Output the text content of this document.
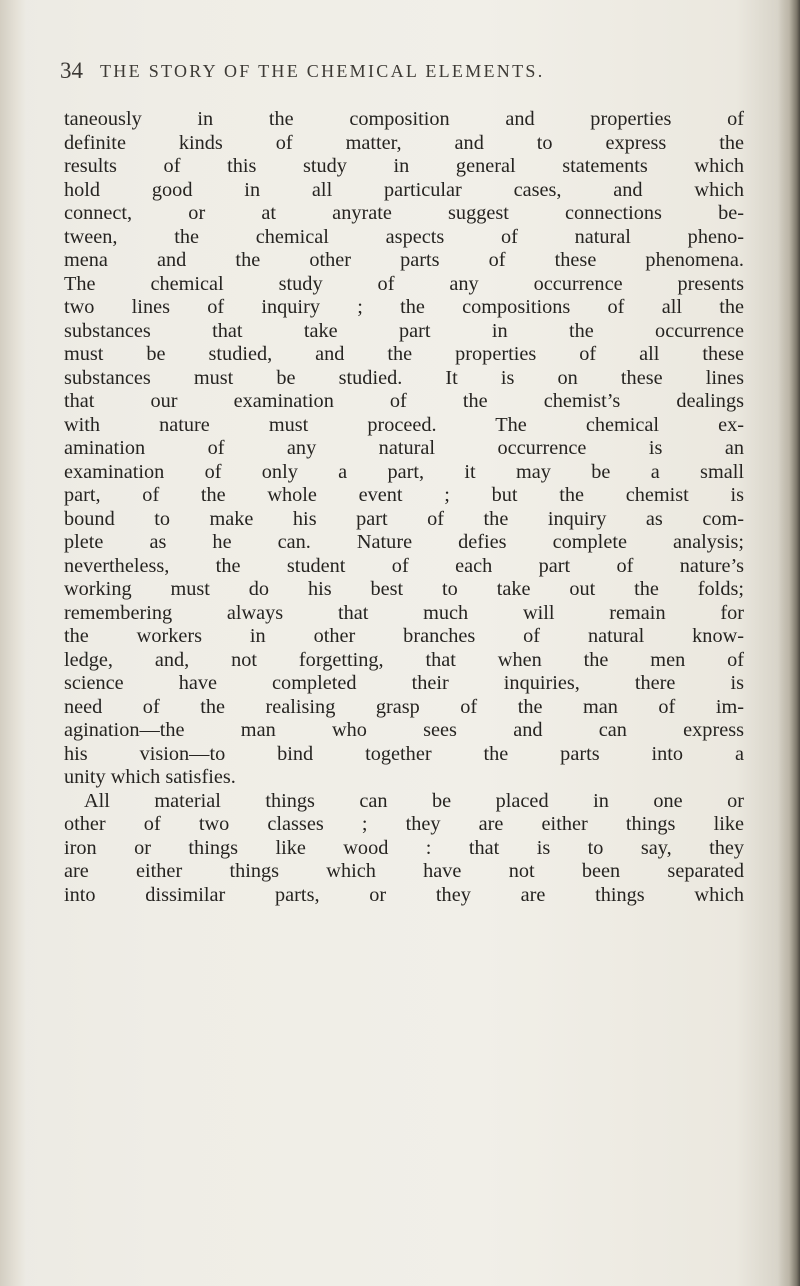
34 THE STORY OF THE CHEMICAL ELEMENTS.
taneously in the composition and properties of
definite kinds of matter, and to express the
results of this study in general statements which
hold good in all particular cases, and which
connect, or at anyrate suggest connections be-
tween, the chemical aspects of natural pheno-
mena and the other parts of these phenomena.
The chemical study of any occurrence presents
two lines of inquiry ; the compositions of all the
substances that take part in the occurrence
must be studied, and the properties of all these
substances must be studied. It is on these lines
that our examination of the chemist’s dealings
with nature must proceed. The chemical ex-
amination of any natural occurrence is an
examination of only a part, it may be a small
part, of the whole event ; but the chemist is
bound to make his part of the inquiry as com-
plete as he can. Nature defies complete analysis;
nevertheless, the student of each part of nature’s
working must do his best to take out the folds;
remembering always that much will remain for
the workers in other branches of natural know-
ledge, and, not forgetting, that when the men of
science have completed their inquiries, there is
need of the realising grasp of the man of im-
agination—the man who sees and can express
his vision—to bind together the parts into a
unity which satisfies.
All material things can be placed in one or
other of two classes ; they are either things like
iron or things like wood : that is to say, they
are either things which have not been separated
into dissimilar parts, or they are things which
